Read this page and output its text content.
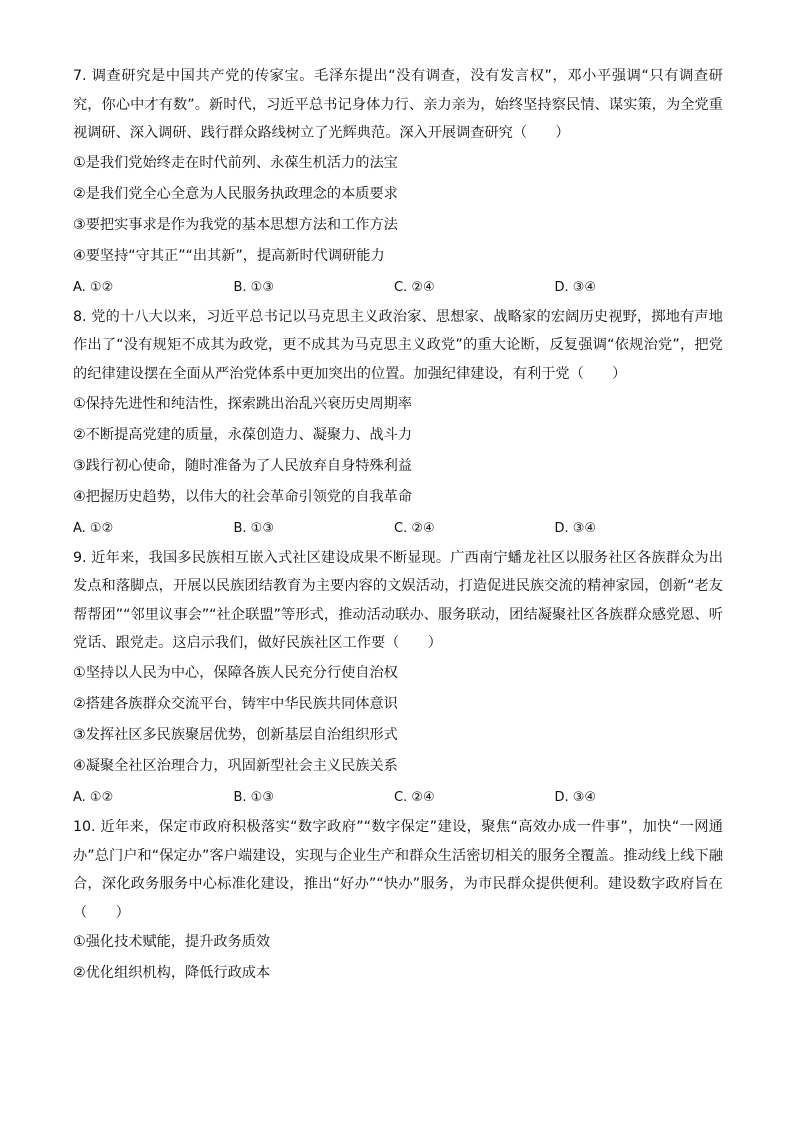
7. 调查研究是中国共产党的传家宝。毛泽东提出“没有调查，没有发言权”，邓小平强调“只有调查研究，你心中才有数”。新时代，习近平总书记身体力行、亲力亲为，始终坚持察民情、谋实策，为全党重视调研、深入调研、践行群众路线树立了光辉典范。深入开展调查研究（　　）

①是我们党始终走在时代前列、永葆生机活力的法宝

②是我们党全心全意为人民服务执政理念的本质要求

③要把实事求是作为我党的基本思想方法和工作方法

④要坚持“守其正”“出其新”，提高新时代调研能力

A. ①②	B. ①③	C. ②④	D. ③④

8. 党的十八大以来，习近平总书记以马克思主义政治家、思想家、战略家的宏阔历史视野，掷地有声地作出了“没有规矩不成其为政党，更不成其为马克思主义政党”的重大论断，反复强调“依规治党”，把党的纪律建设摆在全面从严治党体系中更加突出的位置。加强纪律建设，有利于党（　　）

①保持先进性和纯洁性，探索跳出治乱兴衰历史周期率

②不断提高党建的质量，永葆创造力、凝聚力、战斗力

③践行初心使命，随时准备为了人民放弃自身特殊利益

④把握历史趋势，以伟大的社会革命引领党的自我革命

A. ①②	B. ①③	C. ②④	D. ③④

9. 近年来，我国多民族相互嵌入式社区建设成果不断显现。广西南宁蟠龙社区以服务社区各族群众为出发点和落脚点，开展以民族团结教育为主要内容的文娱活动，打造促进民族交流的精神家园，创新“老友帮帮团”“邻里议事会”“社企联盟”等形式，推动活动联办、服务联动，团结凝聚社区各族群众感党恩、听党话、跟党走。这启示我们，做好民族社区工作要（　　）

①坚持以人民为中心，保障各族人民充分行使自治权

②搭建各族群众交流平台，铸牢中华民族共同体意识

③发挥社区多民族聚居优势，创新基层自治组织形式

④凝聚全社区治理合力，巩固新型社会主义民族关系

A. ①②	B. ①③	C. ②④	D. ③④

10. 近年来，保定市政府积极落实“数字政府”“数字保定”建设，聚焦“高效办成一件事”，加快“一网通办”总门户和“保定办”客户端建设，实现与企业生产和群众生活密切相关的服务全覆盖。推动线上线下融合，深化政务服务中心标准化建设，推出“好办”“快办”服务，为市民群众提供便利。建设数字政府旨在（　　）

①强化技术赋能，提升政务质效

②优化组织机构，降低行政成本
